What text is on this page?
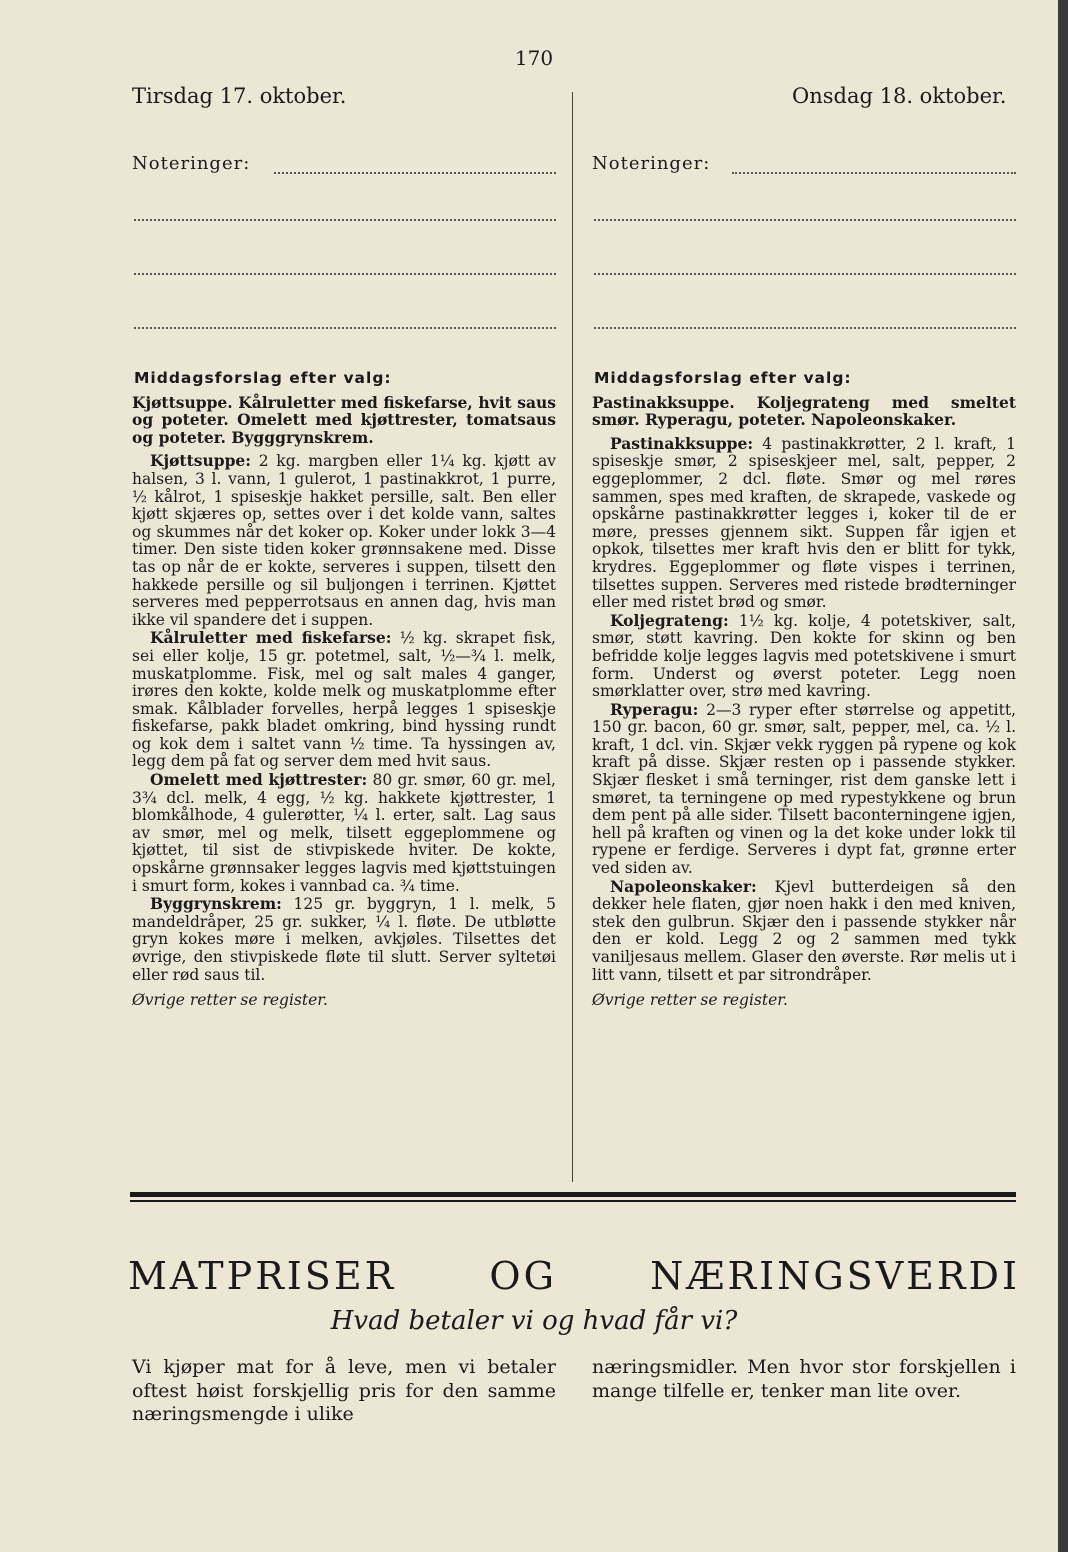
170
Tirsdag 17. oktober.	Onsdag 18. oktober.
Noteringer:	Noteringer:
Middagsforslag efter valg:

Kjøttsuppe. Kålruletter med fiskefarse, hvit saus og poteter. Omelett med kjøttrester, tomatsaus og poteter. Bygggrynskrem.

Kjøttsuppe: 2 kg. margben eller 1¼ kg. kjøtt av halsen, 3 l. vann, 1 gulerot, 1 pastinakkrot, 1 purre, ½ kålrot, 1 spiseskje hakket persille, salt. Ben eller kjøtt skjæres op, settes over i det kolde vann, saltes og skummes når det koker op. Koker under lokk 3—4 timer. Den siste tiden koker grønnsakene med. Disse tas op når de er kokte, serveres i suppen, tilsett den hakkede persille og sil buljongen i terrinen. Kjøttet serveres med pepperrotsaus en annen dag, hvis man ikke vil spandere det i suppen.

Kålruletter med fiskefarse: ½ kg. skrapet fisk, sei eller kolje, 15 gr. potetmel, salt, ½—¾ l. melk, muskatplomme. Fisk, mel og salt males 4 ganger, irøres den kokte, kolde melk og muskatplomme efter smak. Kålblader forvelles, herpå legges 1 spiseskje fiskefarse, pakk bladet omkring, bind hyssing rundt og kok dem i saltet vann ½ time. Ta hyssingen av, legg dem på fat og server dem med hvit saus.

Omelett med kjøttrester: 80 gr. smør, 60 gr. mel, 3¾ dcl. melk, 4 egg, ½ kg. hakkete kjøttrester, 1 blomkålhode, 4 gulerøtter, ¼ l. erter, salt. Lag saus av smør, mel og melk, tilsett eggeplommene og kjøttet, til sist de stivpiskede hviter. De kokte, opskårne grønnsaker legges lagvis med kjøttstuingen i smurt form, kokes i vannbad ca. ¾ time.

Byggrynskrem: 125 gr. byggryn, 1 l. melk, 5 mandeldråper, 25 gr. sukker, ¼ l. fløte. De utbløtte gryn kokes møre i melken, avkjøles. Tilsettes det øvrige, den stivpiskede fløte til slutt. Server syltetøi eller rød saus til.

Øvrige retter se register.

Middagsforslag efter valg:

Pastinakksuppe. Koljegrateng med smeltet smør. Ryperagu, poteter. Napoleonskaker.

Pastinakksuppe: 4 pastinakkrøtter, 2 l. kraft, 1 spiseskje smør, 2 spiseskjeer mel, salt, pepper, 2 eggeplommer, 2 dcl. fløte. Smør og mel røres sammen, spes med kraften, de skrapede, vaskede og opskårne pastinakkrøtter legges i, koker til de er møre, presses gjennem sikt. Suppen får igjen et opkok, tilsettes mer kraft hvis den er blitt for tykk, krydres. Eggeplommer og fløte vispes i terrinen, tilsettes suppen. Serveres med ristede brødterninger eller med ristet brød og smør.

Koljegrateng: 1½ kg. kolje, 4 potetskiver, salt, smør, støtt kavring. Den kokte for skinn og ben befridde kolje legges lagvis med potetskivene i smurt form. Underst og øverst poteter. Legg noen smørklatter over, strø med kavring.

Ryperagu: 2—3 ryper efter størrelse og appetitt, 150 gr. bacon, 60 gr. smør, salt, pepper, mel, ca. ½ l. kraft, 1 dcl. vin. Skjær vekk ryggen på rypene og kok kraft på disse. Skjær resten op i passende stykker. Skjær flesket i små terninger, rist dem ganske lett i smøret, ta terningene op med rypestykkene og brun dem pent på alle sider. Tilsett baconterningene igjen, hell på kraften og vinen og la det koke under lokk til rypene er ferdige. Serveres i dypt fat, grønne erter ved siden av.

Napoleonskaker: Kjevl butterdeigen så den dekker hele flaten, gjør noen hakk i den med kniven, stek den gulbrun. Skjær den i passende stykker når den er kold. Legg 2 og 2 sammen med tykk vaniljesaus mellem. Glaser den øverste. Rør melis ut i litt vann, tilsett et par sitrondråper.

Øvrige retter se register.

MATPRISER OG NÆRINGSVERDI
Hvad betaler vi og hvad får vi?
Vi kjøper mat for å leve, men vi betaler oftest høist forskjellig pris for den samme næringsmengde i ulike
næringsmidler. Men hvor stor forskjellen i mange tilfelle er, tenker man lite over.
